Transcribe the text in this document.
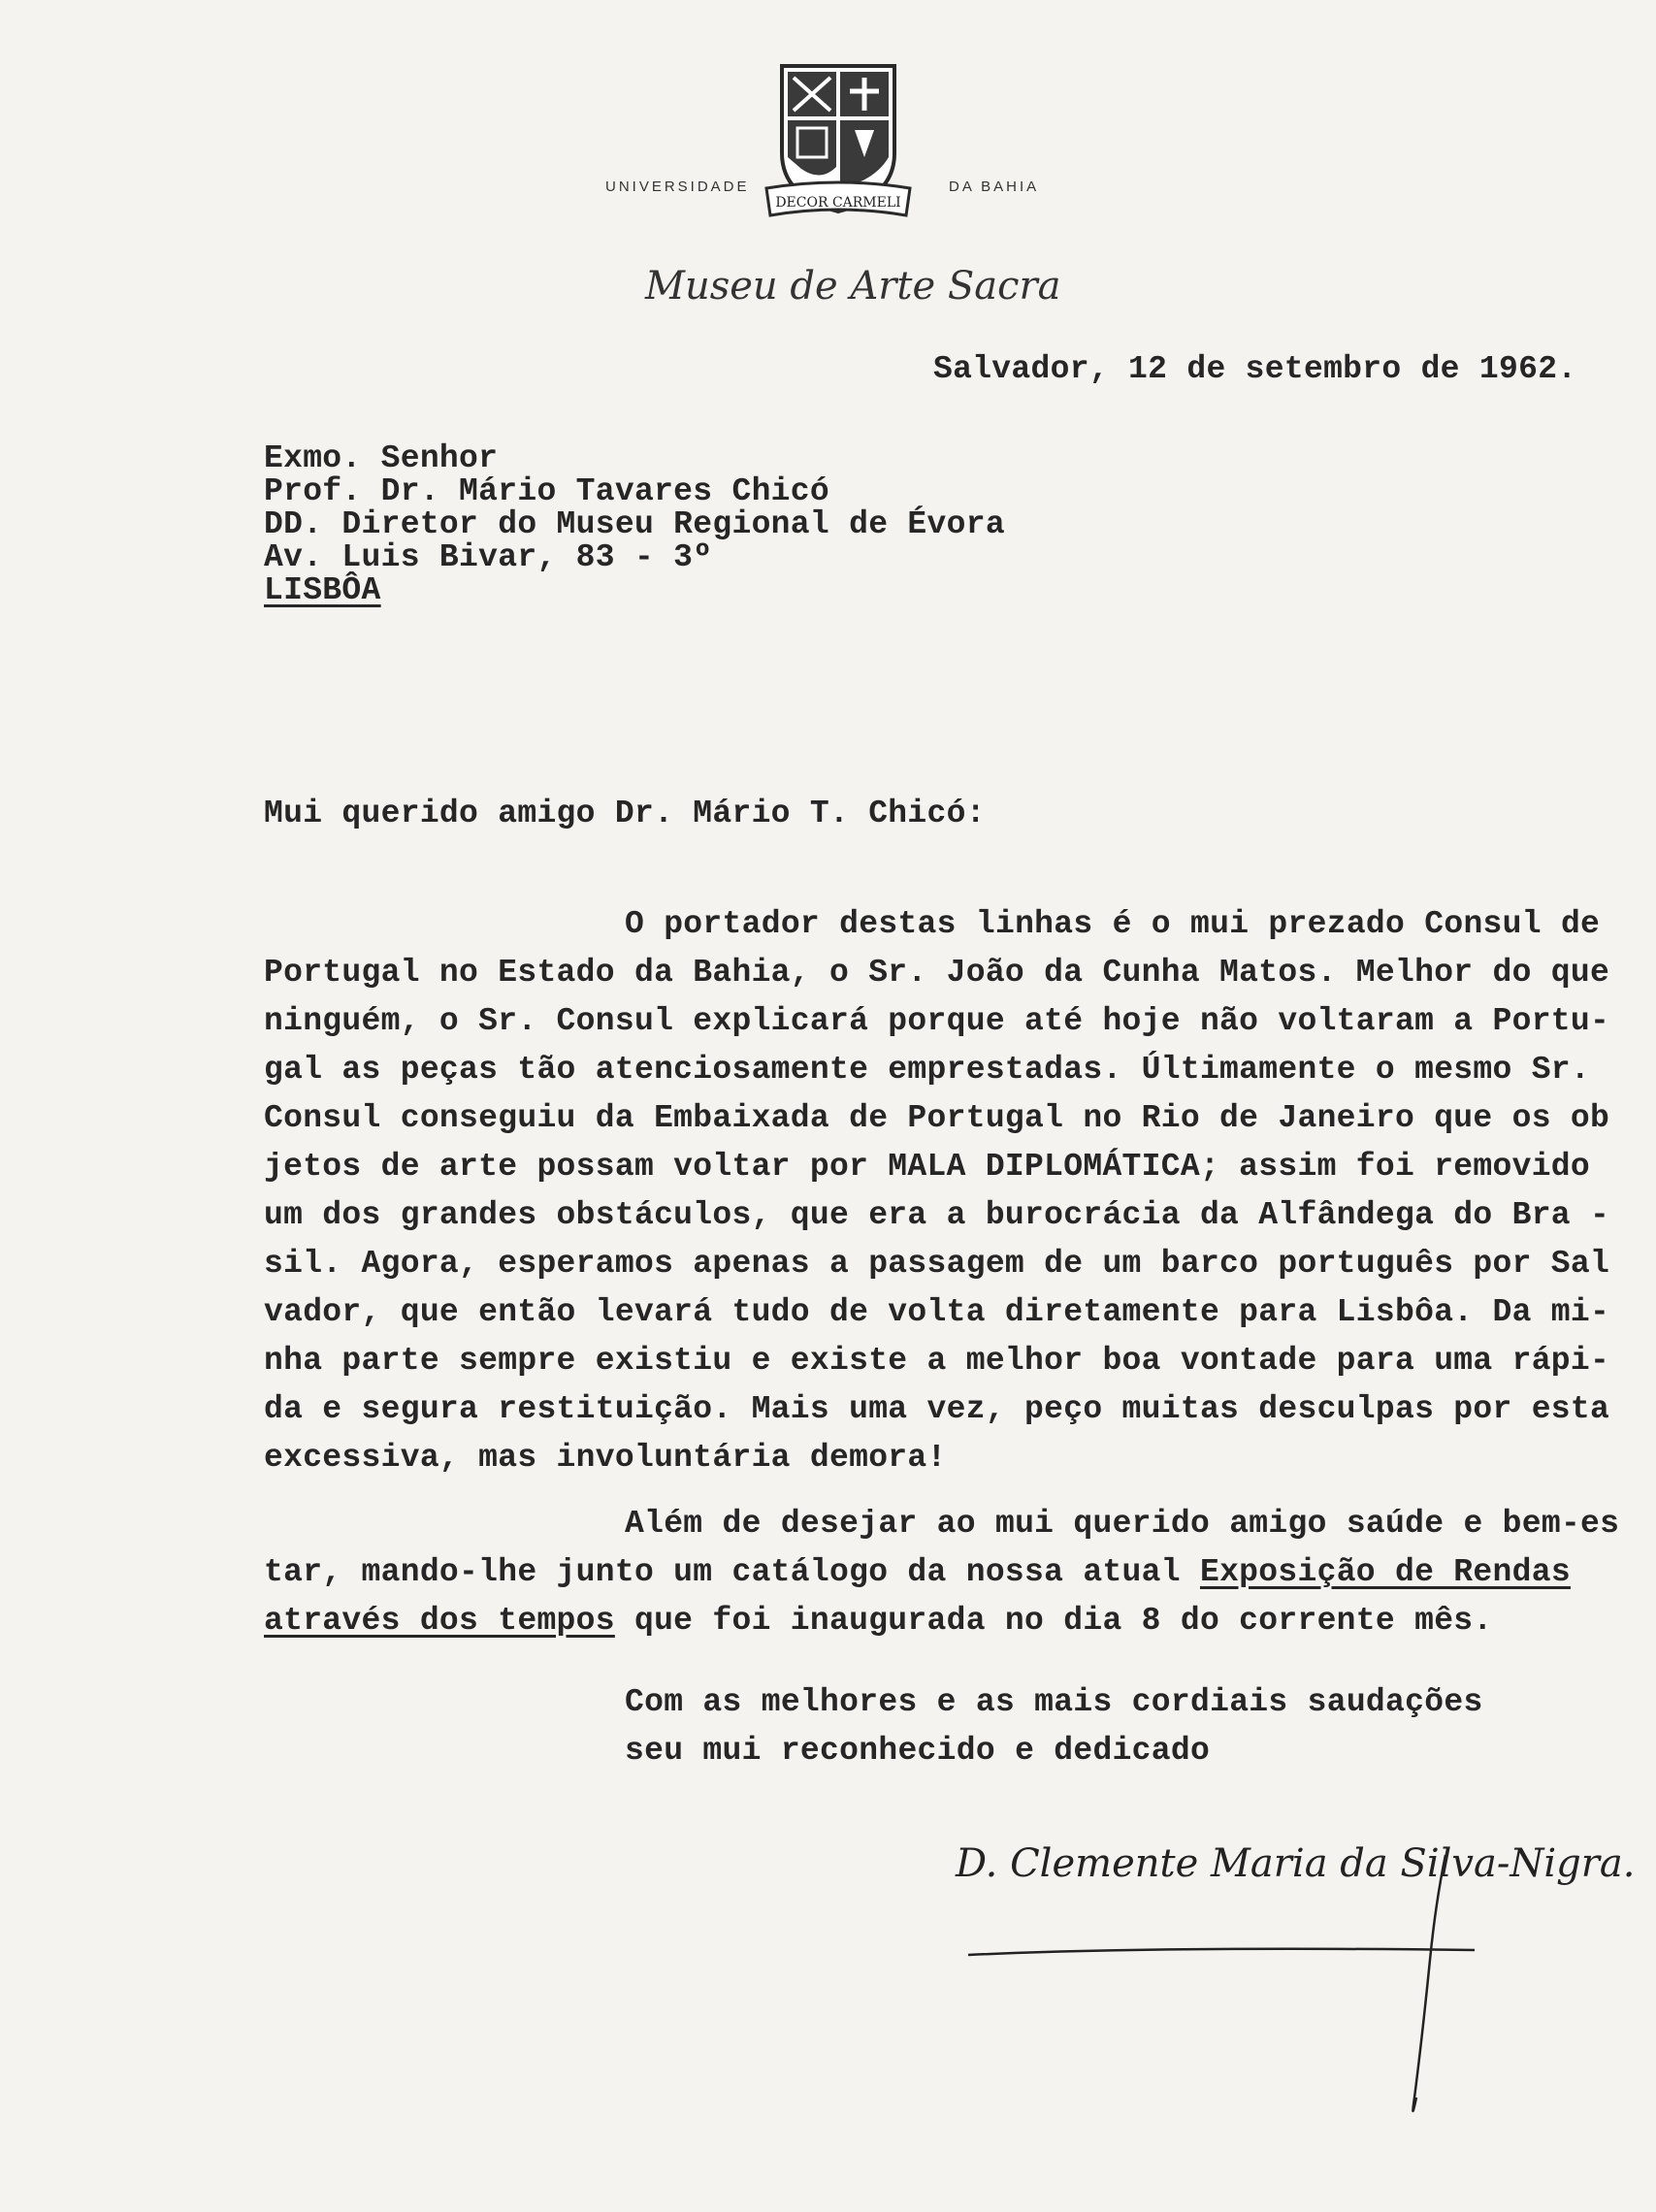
UNIVERSIDADE	DA BAHIA
DECOR CARMELI
Museu de Arte Sacra
Salvador, 12 de setembro de 1962.
Exmo. Senhor
Prof. Dr. Mário Tavares Chicó
DD. Diretor do Museu Regional de Évora
Av. Luis Bivar, 83 - 3º
LISBÔA
Mui querido amigo Dr. Mário T. Chicó:
O portador destas linhas é o mui prezado Consul de
Portugal no Estado da Bahia, o Sr. João da Cunha Matos. Melhor do que
ninguém, o Sr. Consul explicará porque até hoje não voltaram a Portu-
gal as peças tão atenciosamente emprestadas. Últimamente o mesmo Sr.
Consul conseguiu da Embaixada de Portugal no Rio de Janeiro que os ob
jetos de arte possam voltar por MALA DIPLOMÁTICA; assim foi removido
um dos grandes obstáculos, que era a burocrácia da Alfândega do Bra -
sil. Agora, esperamos apenas a passagem de um barco português por Sal
vador, que então levará tudo de volta diretamente para Lisbôa. Da mi-
nha parte sempre existiu e existe a melhor boa vontade para uma rápi-
da e segura restituição. Mais uma vez, peço muitas desculpas por esta
excessiva, mas involuntária demora!
Além de desejar ao mui querido amigo saúde e bem-es
tar, mando-lhe junto um catálogo da nossa atual Exposição de Rendas
através dos tempos que foi inaugurada no dia 8 do corrente mês.
Com as melhores e as mais cordiais saudações
seu mui reconhecido e dedicado
D. Clemente Maria da Silva-Nigra.
